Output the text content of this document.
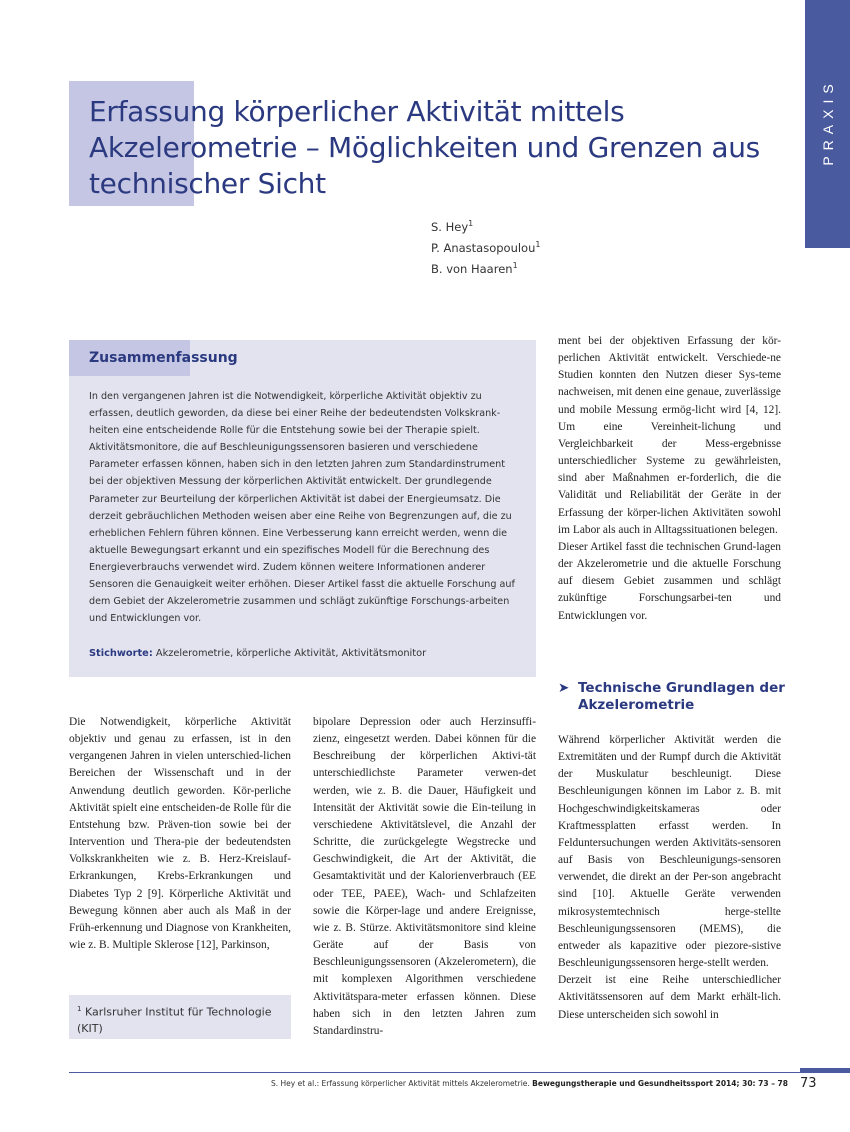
PRAXIS
Erfassung körperlicher Aktivität mittels Akzelerometrie – Möglichkeiten und Grenzen aus technischer Sicht
S. Hey$^1$
P. Anastasopoulou$^1$
B. von Haaren$^1$
Zusammenfassung

In den vergangenen Jahren ist die Notwendigkeit, körperliche Aktivität objektiv zu erfassen, deutlich geworden, da diese bei einer Reihe der bedeutendsten Volkskrank-heiten eine entscheidende Rolle für die Entstehung sowie bei der Therapie spielt. Aktivitätsmonitore, die auf Beschleunigungssensoren basieren und verschiedene Parameter erfassen können, haben sich in den letzten Jahren zum Standardinstrument bei der objektiven Messung der körperlichen Aktivität entwickelt. Der grundlegende Parameter zur Beurteilung der körperlichen Aktivität ist dabei der Energieumsatz. Die derzeit gebräuchlichen Methoden weisen aber eine Reihe von Begrenzungen auf, die zu erheblichen Fehlern führen können. Eine Verbesserung kann erreicht werden, wenn die aktuelle Bewegungsart erkannt und ein spezifisches Modell für die Berechnung des Energieverbrauchs verwendet wird. Zudem können weitere Informationen anderer Sensoren die Genauigkeit weiter erhöhen. Dieser Artikel fasst die aktuelle Forschung auf dem Gebiet der Akzelerometrie zusammen und schlägt zukünftige Forschungs-arbeiten und Entwicklungen vor.

Stichworte: Akzelerometrie, körperliche Aktivität, Aktivitätsmonitor

ment bei der objektiven Erfassung der kör-perlichen Aktivität entwickelt. Verschiede-ne Studien konnten den Nutzen dieser Sys-teme nachweisen, mit denen eine genaue, zuverlässige und mobile Messung ermög-licht wird [4, 12]. Um eine Vereinheit-lichung und Vergleichbarkeit der Mess-ergebnisse unterschiedlicher Systeme zu gewährleisten, sind aber Maßnahmen er-forderlich, die die Validität und Reliabilität der Geräte in der Erfassung der körper-lichen Aktivitäten sowohl im Labor als auch in Alltagssituationen belegen.

Dieser Artikel fasst die technischen Grund-lagen der Akzelerometrie und die aktuelle Forschung auf diesem Gebiet zusammen und schlägt zukünftige Forschungsarbei-ten und Entwicklungen vor.

➤ Technische Grundlagen der Akzelerometrie

Die Notwendigkeit, körperliche Aktivität objektiv und genau zu erfassen, ist in den vergangenen Jahren in vielen unterschied-lichen Bereichen der Wissenschaft und in der Anwendung deutlich geworden. Kör-perliche Aktivität spielt eine entscheiden-de Rolle für die Entstehung bzw. Präven-tion sowie bei der Intervention und Thera-pie der bedeutendsten Volkskrankheiten wie z. B. Herz-Kreislauf-Erkrankungen, Krebs-Erkrankungen und Diabetes Typ 2 [9]. Körperliche Aktivität und Bewegung können aber auch als Maß in der Früh-erkennung und Diagnose von Krankheiten, wie z. B. Multiple Sklerose [12], Parkinson,

bipolare Depression oder auch Herzinsuffi-zienz, eingesetzt werden. Dabei können für die Beschreibung der körperlichen Aktivi-tät unterschiedlichste Parameter verwen-det werden, wie z. B. die Dauer, Häufigkeit und Intensität der Aktivität sowie die Ein-teilung in verschiedene Aktivitätslevel, die Anzahl der Schritte, die zurückgelegte Wegstrecke und Geschwindigkeit, die Art der Aktivität, die Gesamtaktivität und der Kalorienverbrauch (EE oder TEE, PAEE), Wach- und Schlafzeiten sowie die Körper-lage und andere Ereignisse, wie z. B. Stürze. Aktivitätsmonitore sind kleine Geräte auf der Basis von Beschleunigungssensoren (Akzelerometern), die mit komplexen Algorithmen verschiedene Aktivitätspara-meter erfassen können. Diese haben sich in den letzten Jahren zum Standardinstru-

Während körperlicher Aktivität werden die Extremitäten und der Rumpf durch die Aktivität der Muskulatur beschleunigt. Diese Beschleunigungen können im Labor z. B. mit Hochgeschwindigkeitskameras oder Kraftmessplatten erfasst werden. In Felduntersuchungen werden Aktivitäts-sensoren auf Basis von Beschleunigungs-sensoren verwendet, die direkt an der Per-son angebracht sind [10]. Aktuelle Geräte verwenden mikrosystemtechnisch herge-stellte Beschleunigungssensoren (MEMS), die entweder als kapazitive oder piezore-sistive Beschleunigungssensoren herge-stellt werden.

Derzeit ist eine Reihe unterschiedlicher Aktivitätssensoren auf dem Markt erhält-lich. Diese unterscheiden sich sowohl in

$^1$ Karlsruher Institut für Technologie (KIT)
S. Hey et al.: Erfassung körperlicher Aktivität mittels Akzelerometrie. Bewegungstherapie und Gesundheitssport 2014; 30: 73 – 78 73
